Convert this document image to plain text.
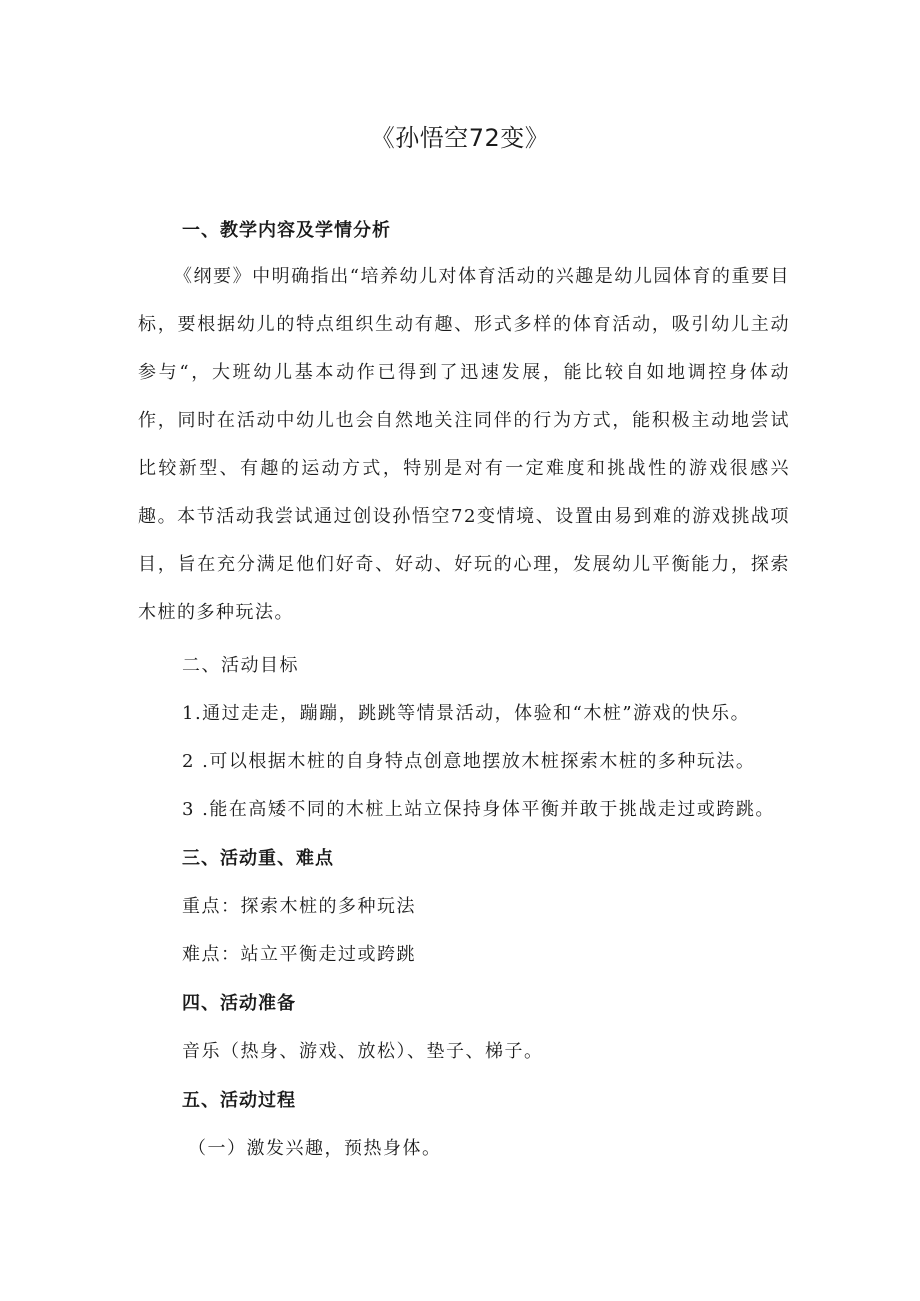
《孙悟空72变》
一、教学内容及学情分析
《纲要》中明确指出“培养幼儿对体育活动的兴趣是幼儿园体育的重要目标，要根据幼儿的特点组织生动有趣、形式多样的体育活动，吸引幼儿主动参与“，大班幼儿基本动作已得到了迅速发展，能比较自如地调控身体动作，同时在活动中幼儿也会自然地关注同伴的行为方式，能积极主动地尝试比较新型、有趣的运动方式，特别是对有一定难度和挑战性的游戏很感兴趣。本节活动我尝试通过创设孙悟空72变情境、设置由易到难的游戏挑战项目，旨在充分满足他们好奇、好动、好玩的心理，发展幼儿平衡能力，探索木桩的多种玩法。
二、活动目标
1.通过走走，蹦蹦，跳跳等情景活动，体验和“木桩”游戏的快乐。
2 .可以根据木桩的自身特点创意地摆放木桩探索木桩的多种玩法。
3 .能在高矮不同的木桩上站立保持身体平衡并敢于挑战走过或跨跳。
三、活动重、难点
重点：探索木桩的多种玩法
难点：站立平衡走过或跨跳
四、活动准备
音乐（热身、游戏、放松）、垫子、梯子。
五、活动过程
（一）激发兴趣，预热身体。
